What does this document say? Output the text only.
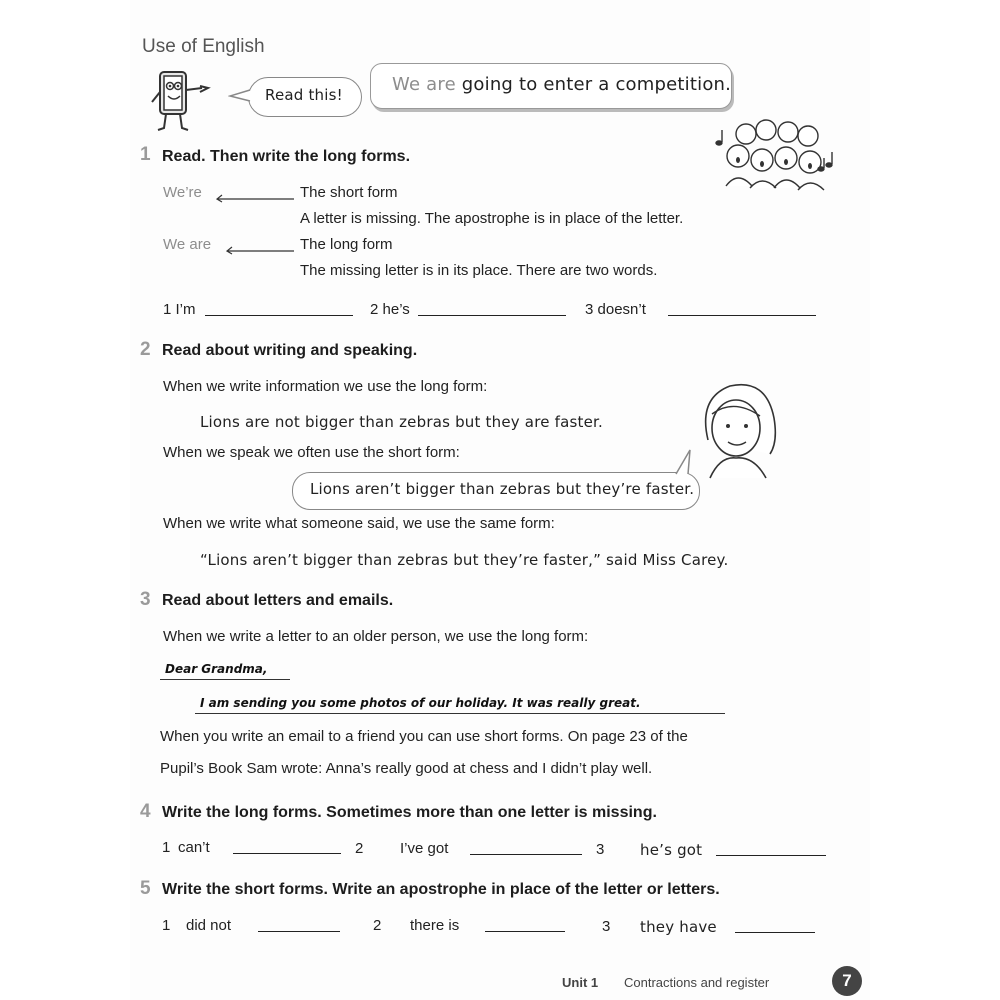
Use of English
Read this!	We are going to enter a competition.
1 Read. Then write the long forms.
We’re	The short form
A letter is missing. The apostrophe is in place of the letter.
We are	The long form
The missing letter is in its place. There are two words.
1 I’m	2 he’s	3 doesn’t
2 Read about writing and speaking.
When we write information we use the long form:
Lions are not bigger than zebras but they are faster.
When we speak we often use the short form:
Lions aren’t bigger than zebras but they’re faster.
When we write what someone said, we use the same form:
“Lions aren’t bigger than zebras but they’re faster,” said Miss Carey.
3 Read about letters and emails.
When we write a letter to an older person, we use the long form:
Dear Grandma,
I am sending you some photos of our holiday. It was really great.
When you write an email to a friend you can use short forms. On page 23 of the
Pupil’s Book Sam wrote: Anna’s really good at chess and I didn’t play well.
4 Write the long forms. Sometimes more than one letter is missing.
1 can’t	2 I’ve got	3 he’s got
5 Write the short forms. Write an apostrophe in place of the letter or letters.
1 did not	2 there is	3 they have
Unit 1 Contractions and register	7
